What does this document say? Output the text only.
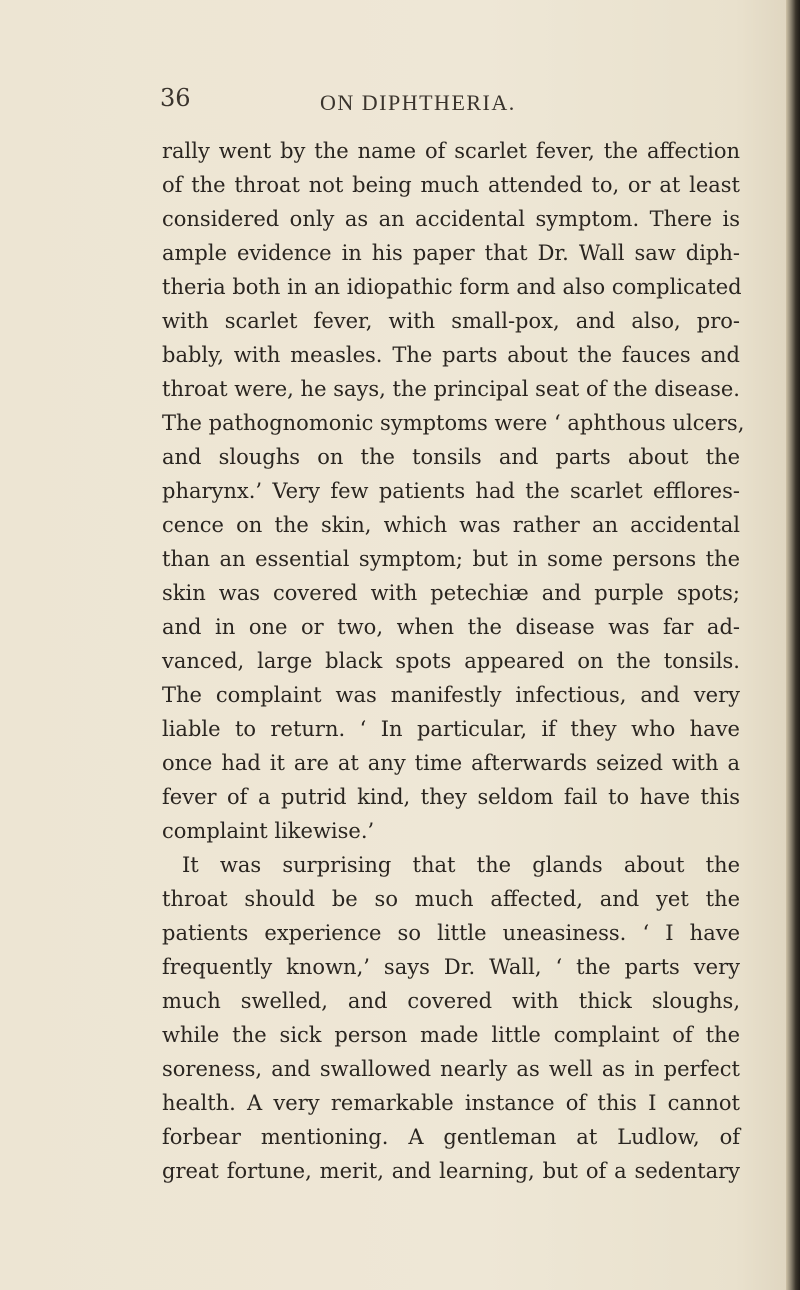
36	ON DIPHTHERIA.
rally went by the name of scarlet fever, the affection
of the throat not being much attended to, or at least
considered only as an accidental symptom. There is
ample evidence in his paper that Dr. Wall saw diph-
theria both in an idiopathic form and also complicated
with scarlet fever, with small-pox, and also, pro-
bably, with measles. The parts about the fauces and
throat were, he says, the principal seat of the disease.
The pathognomonic symptoms were ‘ aphthous ulcers,
and sloughs on the tonsils and parts about the
pharynx.’ Very few patients had the scarlet efflores-
cence on the skin, which was rather an accidental
than an essential symptom; but in some persons the
skin was covered with petechiæ and purple spots;
and in one or two, when the disease was far ad-
vanced, large black spots appeared on the tonsils.
The complaint was manifestly infectious, and very
liable to return. ‘ In particular, if they who have
once had it are at any time afterwards seized with a
fever of a putrid kind, they seldom fail to have this
complaint likewise.’
It was surprising that the glands about the
throat should be so much affected, and yet the
patients experience so little uneasiness. ‘ I have
frequently known,’ says Dr. Wall, ‘ the parts very
much swelled, and covered with thick sloughs,
while the sick person made little complaint of the
soreness, and swallowed nearly as well as in perfect
health. A very remarkable instance of this I cannot
forbear mentioning. A gentleman at Ludlow, of
great fortune, merit, and learning, but of a sedentary
